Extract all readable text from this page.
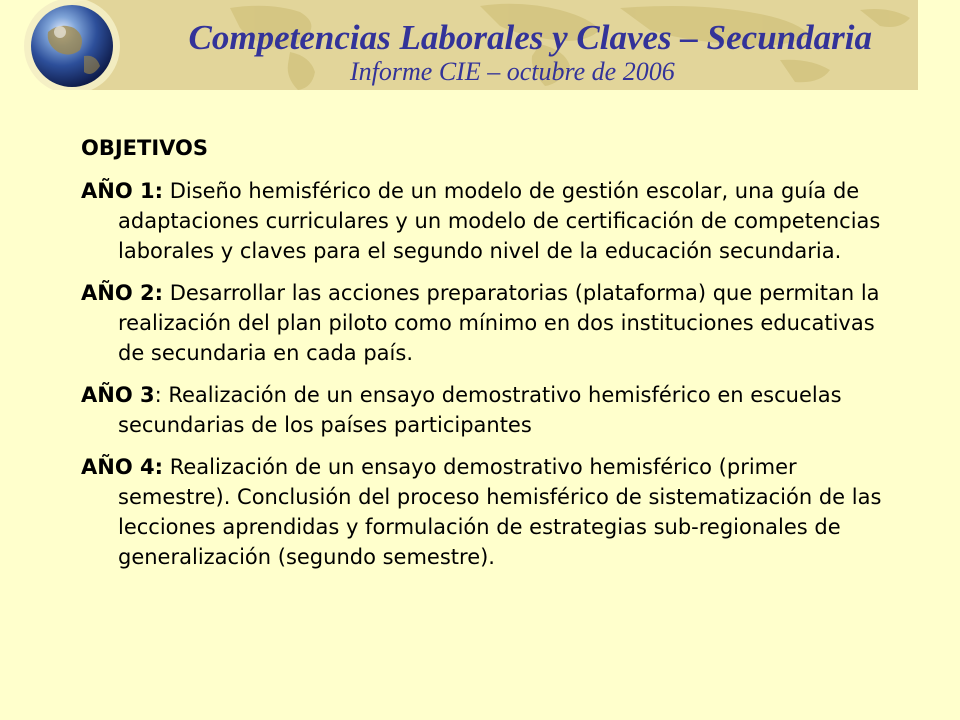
Competencias Laborales y Claves – Secundaria
Informe CIE – octubre de 2006
OBJETIVOS
AÑO 1: Diseño hemisférico de un modelo de gestión escolar, una guía de adaptaciones curriculares y un modelo de certificación de competencias laborales y claves para el segundo nivel de la educación secundaria.
AÑO 2: Desarrollar las acciones preparatorias (plataforma) que permitan la realización del plan piloto como mínimo en dos instituciones educativas de secundaria en cada país.
AÑO 3: Realización de un ensayo demostrativo hemisférico en escuelas secundarias de los países participantes
AÑO 4: Realización de un ensayo demostrativo hemisférico (primer semestre). Conclusión del proceso hemisférico de sistematización de las lecciones aprendidas y formulación de estrategias sub-regionales de generalización (segundo semestre).
